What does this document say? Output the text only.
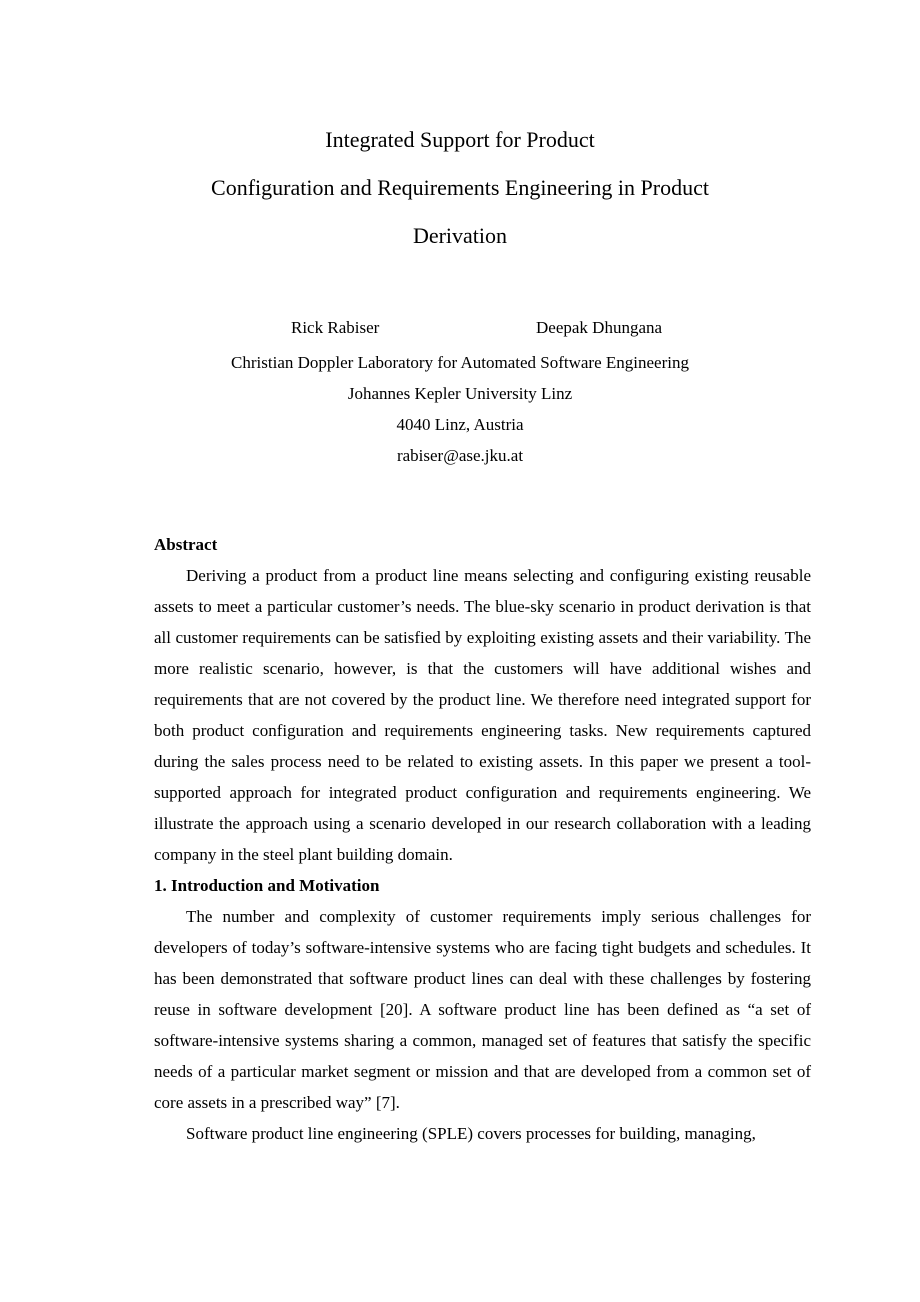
Integrated Support for Product
Configuration and Requirements Engineering in Product
Derivation
Rick Rabiser	Deepak Dhungana
Christian Doppler Laboratory for Automated Software Engineering
Johannes Kepler University Linz
4040 Linz, Austria
rabiser@ase.jku.at
Abstract

Deriving a product from a product line means selecting and configuring existing reusable assets to meet a particular customer’s needs. The blue-sky scenario in product derivation is that all customer requirements can be satisfied by exploiting existing assets and their variability. The more realistic scenario, however, is that the customers will have additional wishes and requirements that are not covered by the product line. We therefore need integrated support for both product configuration and requirements engineering tasks. New requirements captured during the sales process need to be related to existing assets. In this paper we present a tool-supported approach for integrated product configuration and requirements engineering. We illustrate the approach using a scenario developed in our research collaboration with a leading company in the steel plant building domain.

1. Introduction and Motivation

The number and complexity of customer requirements imply serious challenges for developers of today’s software-intensive systems who are facing tight budgets and schedules. It has been demonstrated that software product lines can deal with these challenges by fostering reuse in software development [20]. A software product line has been defined as “a set of software-intensive systems sharing a common, managed set of features that satisfy the specific needs of a particular market segment or mission and that are developed from a common set of core assets in a prescribed way” [7].

Software product line engineering (SPLE) covers processes for building, managing,
